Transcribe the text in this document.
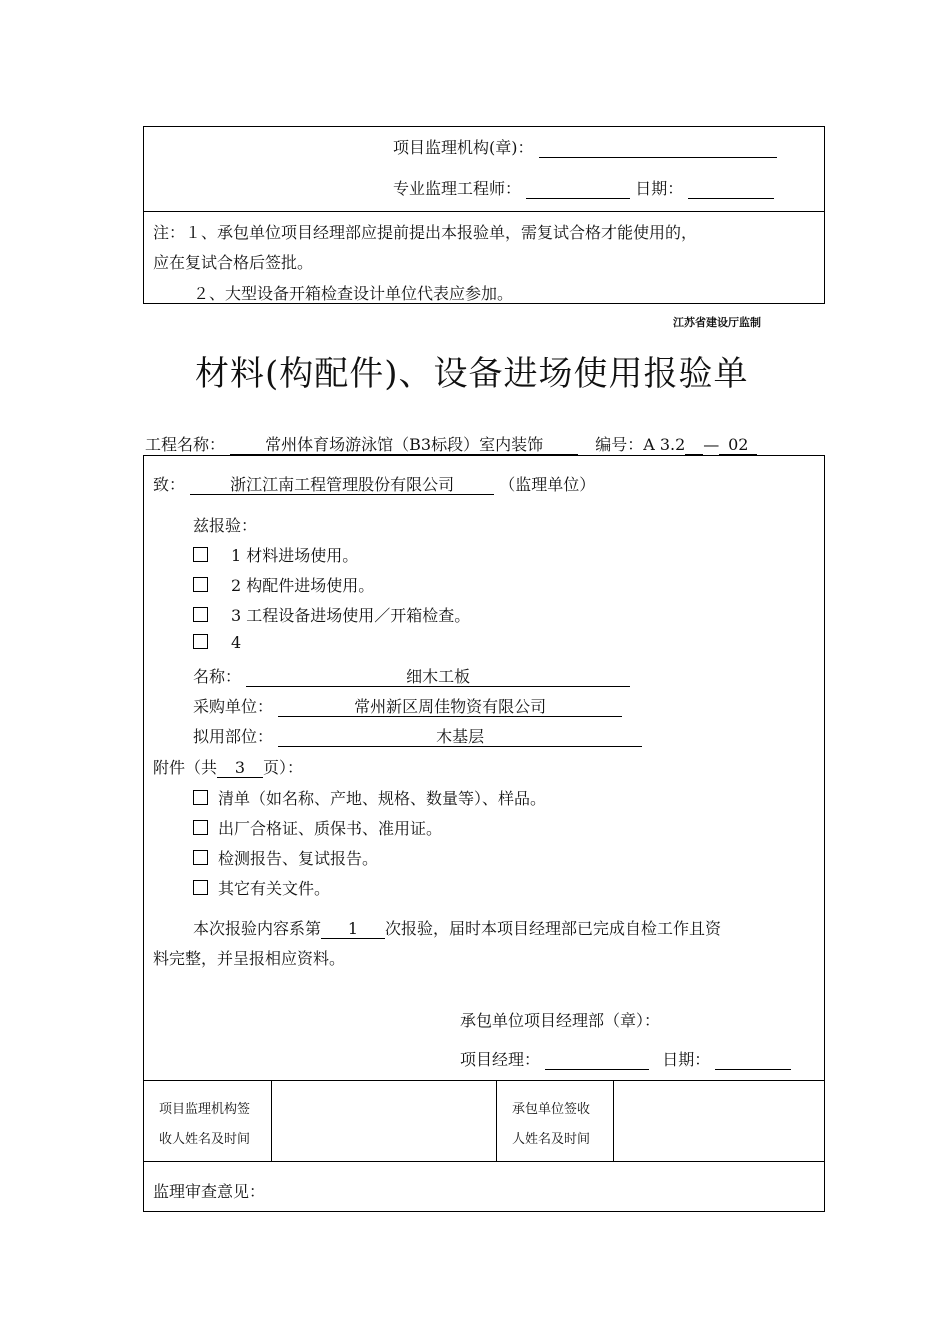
项目监理机构(章)：
专业监理工程师：	日期：
注：１、承包单位项目经理部应提前提出本报验单，需复试合格才能使用的，
应在复试合格后签批。
２、大型设备开箱检查设计单位代表应参加。
江苏省建设厅监制
材料(构配件)、设备进场使用报验单
工程名称：	常州体育场游泳馆（B3标段）室内装饰	编号：A 3.2 — 02
致：	浙江江南工程管理股份有限公司	（监理单位）
兹报验：
1 材料进场使用。
2 构配件进场使用。
3 工程设备进场使用／开箱检查。
4
名称：	细木工板
采购单位：	常州新区周佳物资有限公司
拟用部位：	木基层
附件（共 3 页）：
清单（如名称、产地、规格、数量等）、样品。
出厂合格证、质保书、准用证。
检测报告、复试报告。
其它有关文件。
本次报验内容系第 1 次报验，届时本项目经理部已完成自检工作且资
料完整，并呈报相应资料。
承包单位项目经理部（章）：
项目经理：	日期：
项目监理机构签
收人姓名及时间
承包单位签收
人姓名及时间
监理审查意见：
